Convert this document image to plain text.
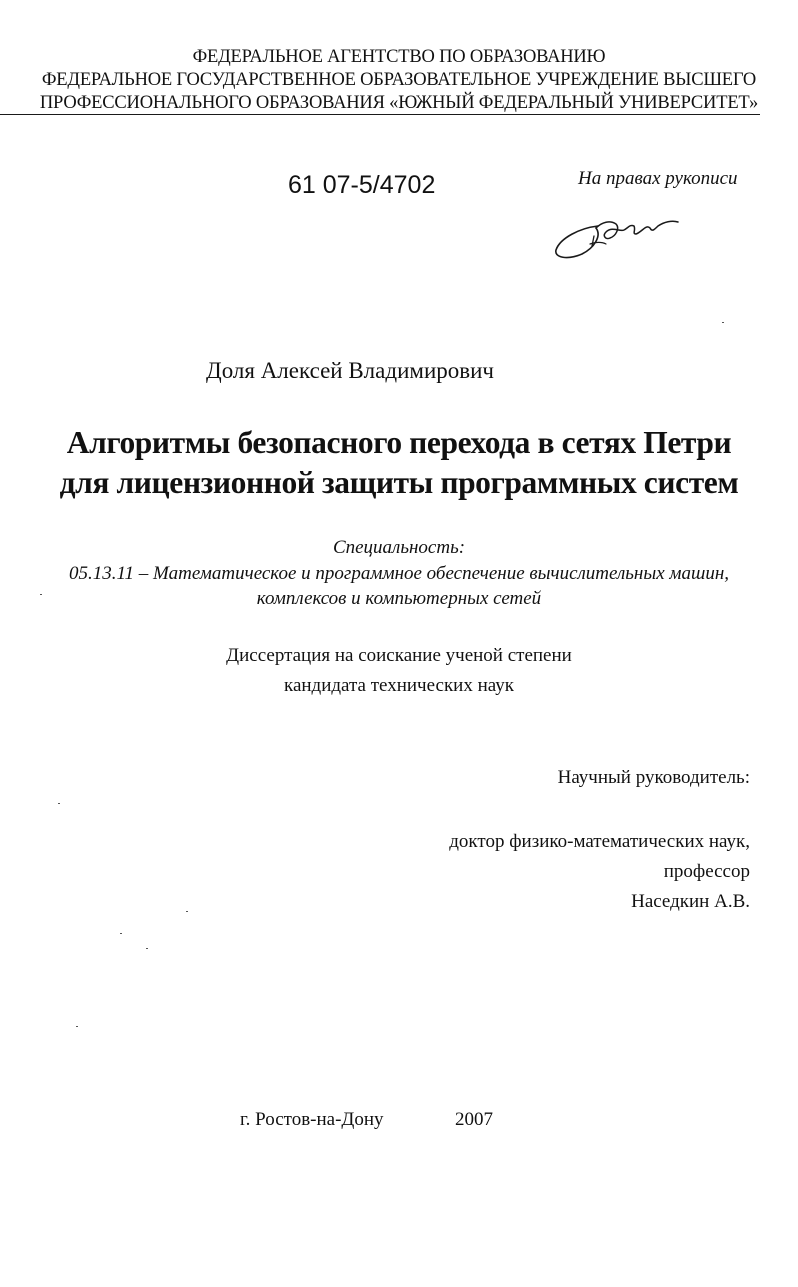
ФЕДЕРАЛЬНОЕ АГЕНТСТВО ПО ОБРАЗОВАНИЮ
ФЕДЕРАЛЬНОЕ ГОСУДАРСТВЕННОЕ ОБРАЗОВАТЕЛЬНОЕ УЧРЕЖДЕНИЕ ВЫСШЕГО
ПРОФЕССИОНАЛЬНОГО ОБРАЗОВАНИЯ «ЮЖНЫЙ ФЕДЕРАЛЬНЫЙ УНИВЕРСИТЕТ»
61 07-5/4702	На правах рукописи
Доля Алексей Владимирович
Алгоритмы безопасного перехода в сетях Петри
для лицензионной защиты программных систем
Специальность:
05.13.11 – Математическое и программное обеспечение вычислительных машин,
комплексов и компьютерных сетей
Диссертация на соискание ученой степени
кандидата технических наук
Научный руководитель:
доктор физико-математических наук,
профессор
Наседкин А.В.
г. Ростов-на-Дону	2007
